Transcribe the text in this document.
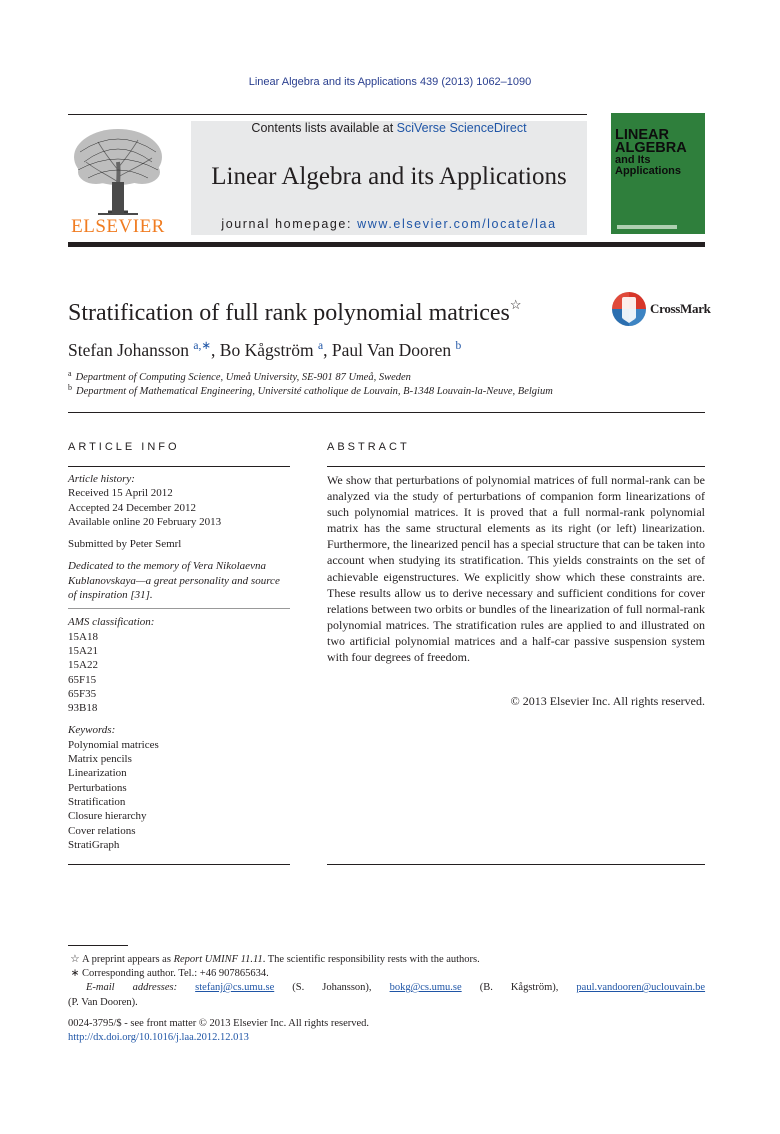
Linear Algebra and its Applications 439 (2013) 1062–1090
ELSEVIER
Contents lists available at SciVerse ScienceDirect
Linear Algebra and its Applications
journal homepage: www.elsevier.com/locate/laa
LINEAR
ALGEBRA
and Its
Applications
Stratification of full rank polynomial matrices☆	CrossMark
Stefan Johansson $^{a,∗}$, Bo Kågström $^a$, Paul Van Dooren $^b$
$^a$ Department of Computing Science, Umeå University, SE-901 87 Umeå, Sweden
$^b$ Department of Mathematical Engineering, Université catholique de Louvain, B-1348 Louvain-la-Neuve, Belgium
ARTICLE INFO	ABSTRACT
Article history:
Received 15 April 2012
Accepted 24 December 2012
Available online 20 February 2013
Submitted by Peter Semrl
Dedicated to the memory of Vera Nikolaevna
Kublanovskaya—a great personality and source
of inspiration [31].
AMS classification:
15A18
15A21
15A22
65F15
65F35
93B18
Keywords:
Polynomial matrices
Matrix pencils
Linearization
Perturbations
Stratification
Closure hierarchy
Cover relations
StratiGraph
We show that perturbations of polynomial matrices of full normal-rank can be analyzed via the study of perturbations of companion form linearizations of such polynomial matrices. It is proved that a full normal-rank polynomial matrix has the same structural elements as its right (or left) linearization. Furthermore, the linearized pencil has a special structure that can be taken into account when studying its stratification. This yields constraints on the set of achievable eigenstructures. We explicitly show which these constraints are. These results allow us to derive necessary and sufficient conditions for cover relations between two orbits or bundles of the linearization of full normal-rank polynomial matrices. The stratification rules are applied to and illustrated on two artificial polynomial matrices and a half-car passive suspension system with four degrees of freedom.
© 2013 Elsevier Inc. All rights reserved.
☆ A preprint appears as Report UMINF 11.11. The scientific responsibility rests with the authors.
∗ Corresponding author. Tel.: +46 907865634.
E-mail addresses: stefanj@cs.umu.se (S. Johansson), bokg@cs.umu.se (B. Kågström), paul.vandooren@uclouvain.be
(P. Van Dooren).
0024-3795/$ - see front matter © 2013 Elsevier Inc. All rights reserved.
http://dx.doi.org/10.1016/j.laa.2012.12.013
